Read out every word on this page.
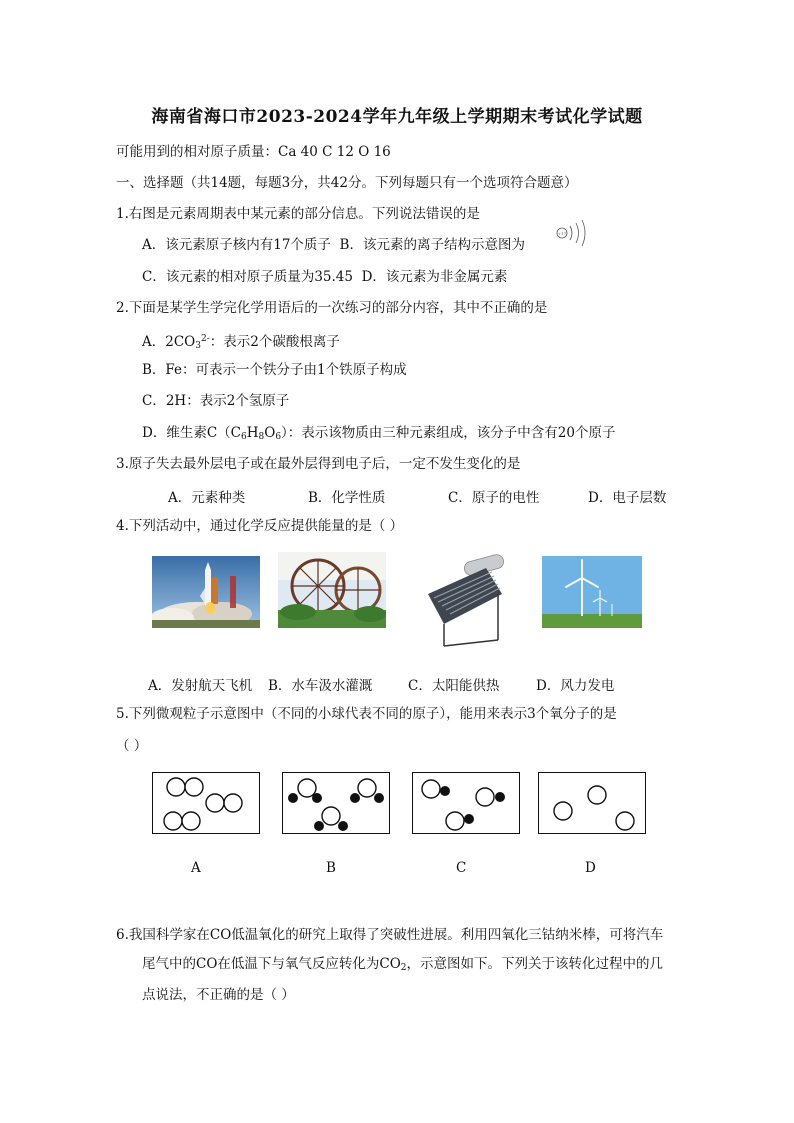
海南省海口市2023-2024学年九年级上学期期末考试化学试题
可能用到的相对原子质量：Ca 40 C 12 O 16
一、选择题（共14题，每题3分，共42分。下列每题只有一个选项符合题意）
1.右图是元素周期表中某元素的部分信息。下列说法错误的是
A．该元素原子核内有17个质子 B．该元素的离子结构示意图为
+17
C．该元素的相对原子质量为35.45 D．该元素为非金属元素
2.下面是某学生学完化学用语后的一次练习的部分内容，其中不正确的是
A．$2CO_3^{2-}$：表示2个碳酸根离子
B．Fe：可表示一个铁分子由1个铁原子构成
C．2H：表示2个氢原子
D．维生素$C(C_6H_8O_6)$：表示该物质由三种元素组成，该分子中含有20个原子
3.原子失去最外层电子或在最外层得到电子后，一定不发生变化的是
A．元素种类	B．化学性质	C．原子的电性	D．电子层数
4.下列活动中，通过化学反应提供能量的是（ ）
A．发射航天飞机 B．水车汲水灌溉	C．太阳能供热	D．风力发电
5.下列微观粒子示意图中（不同的小球代表不同的原子），能用来表示3个氧分子的是
（ ）
A	B	C	D
6.我国科学家在CO低温氧化的研究上取得了突破性进展。利用四氧化三钴纳米棒，可将汽车
尾气中的CO在低温下与氧气反应转化为$CO_2$，示意图如下。下列关于该转化过程中的几
点说法，不正确的是（ ）
